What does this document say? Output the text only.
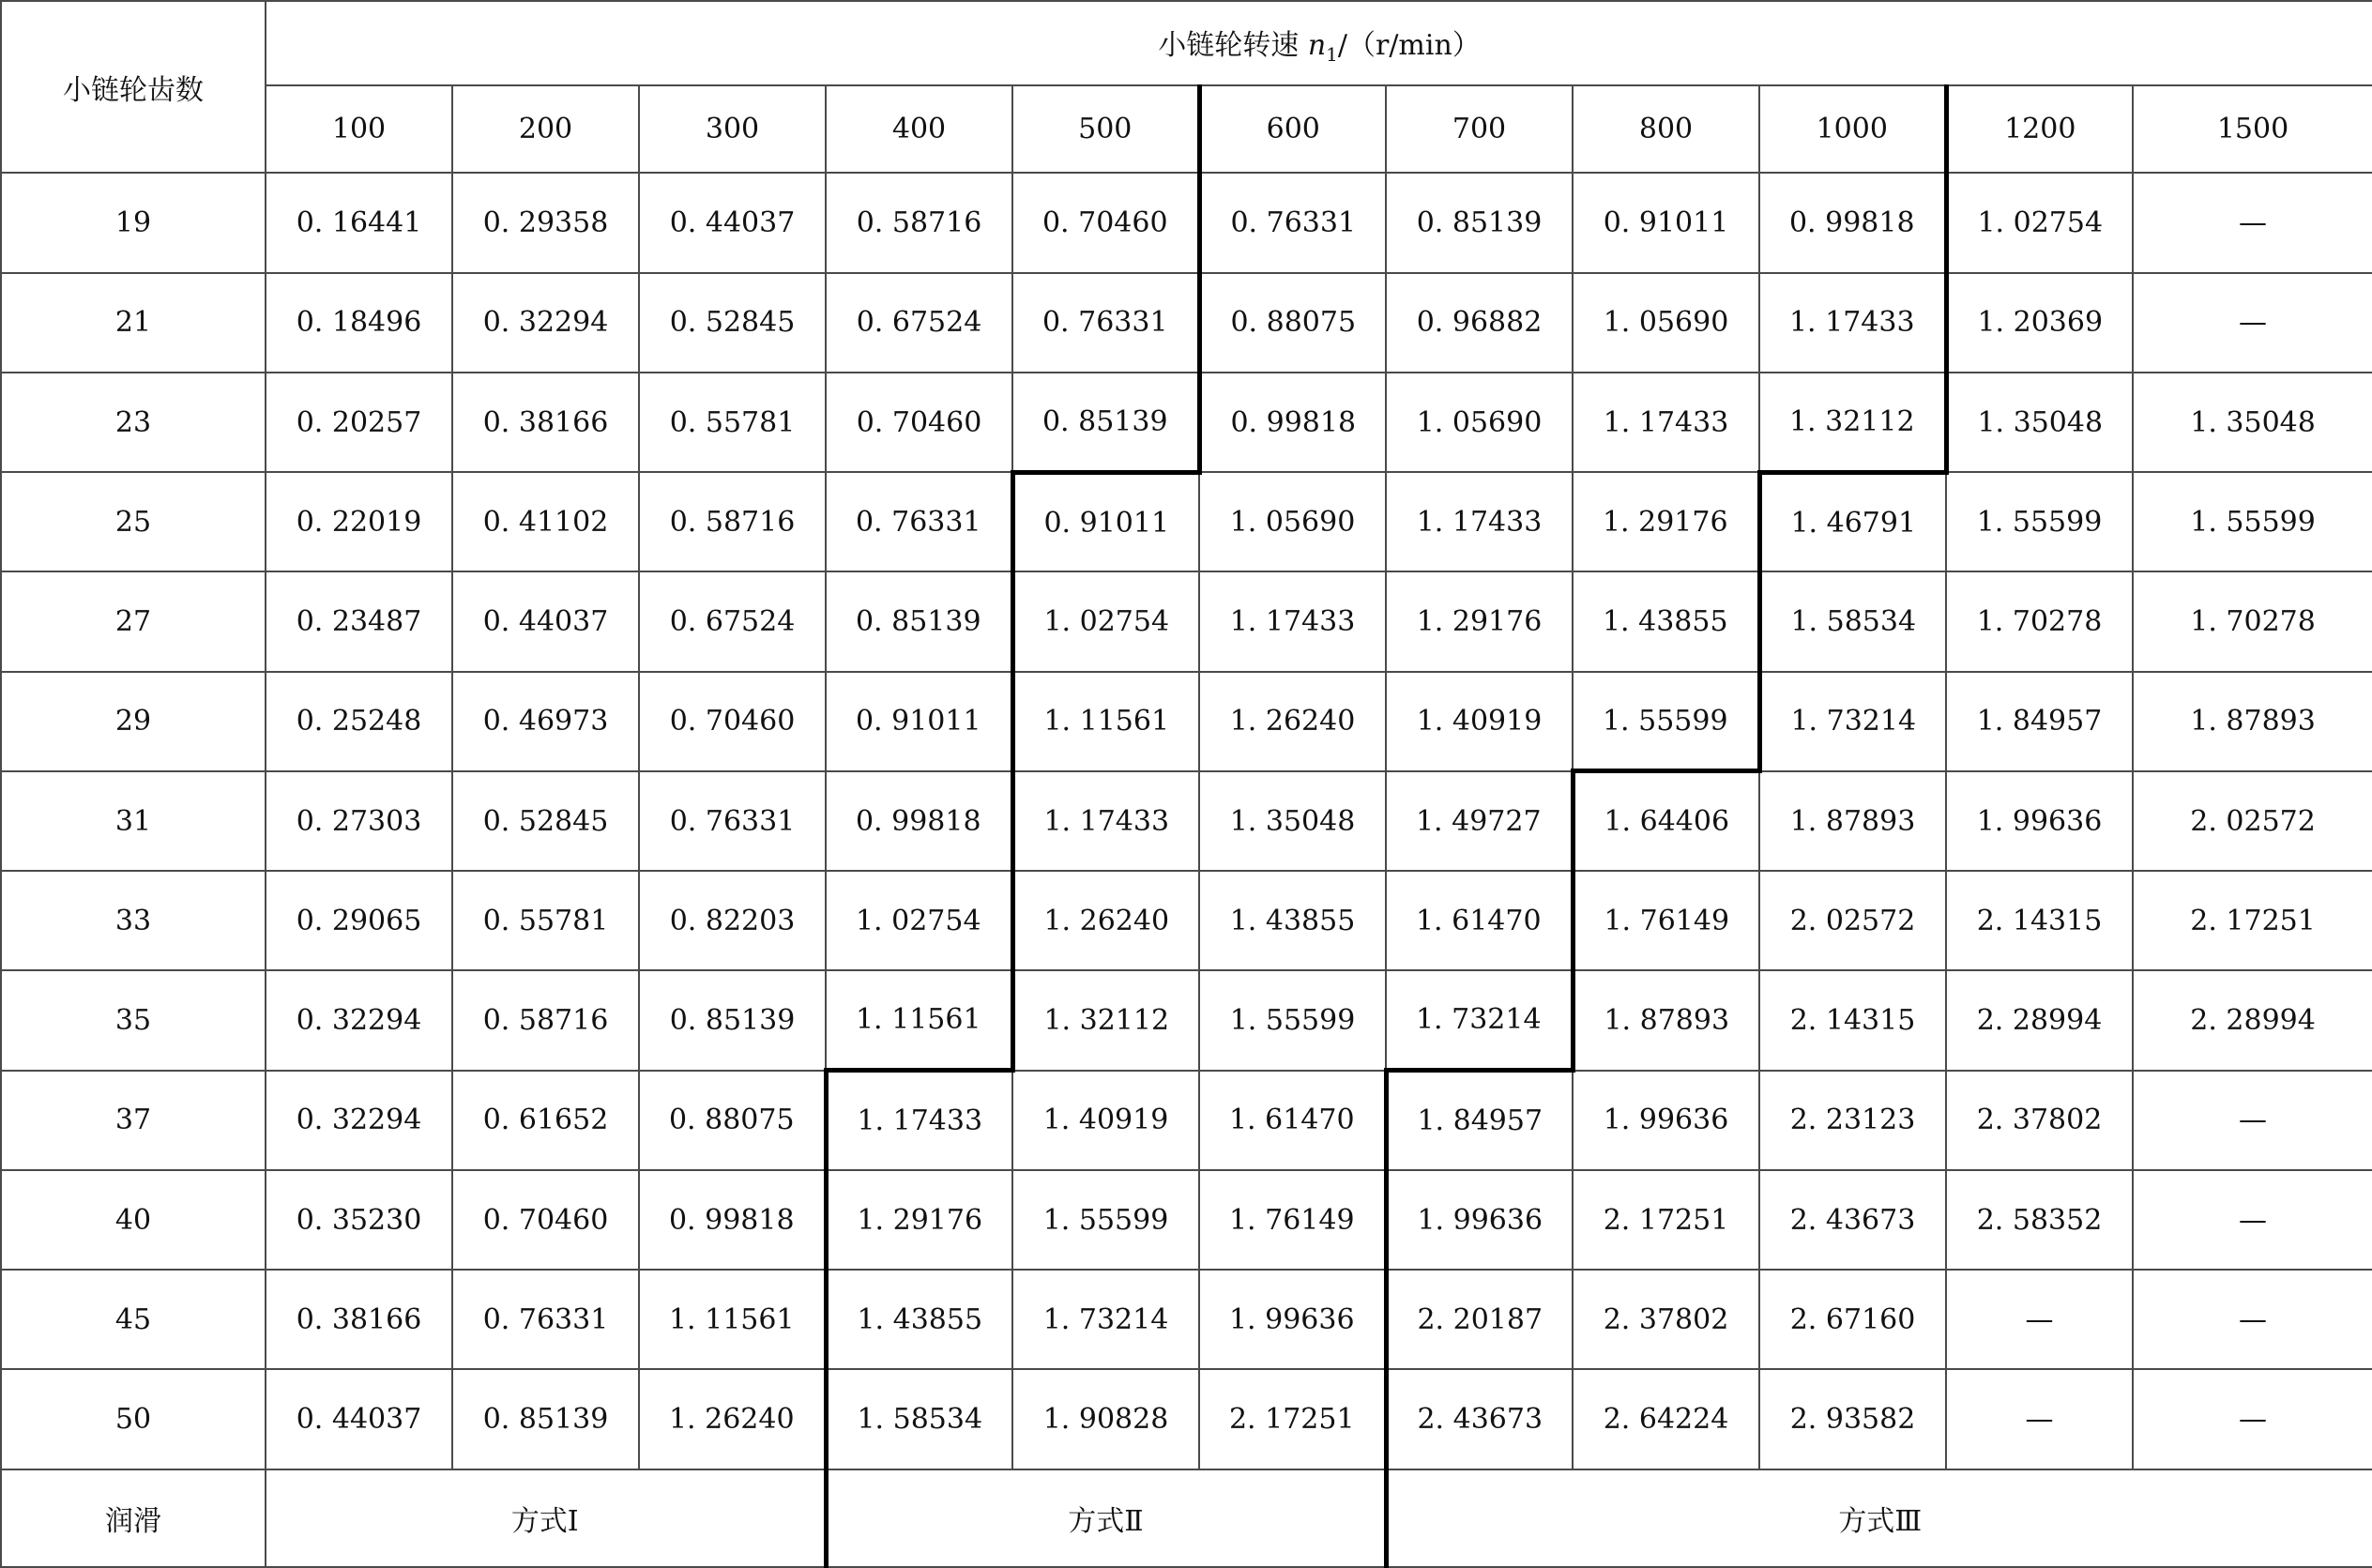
小链轮齿数	小链轮转速 $n_1/(r/\min)$										
	100	200	300	400	500	600	700	800	1000	1200	1500
19	0. 16441	0. 29358	0. 44037	0. 58716	0. 70460	0. 76331	0. 85139	0. 91011	0. 99818	1. 02754	—
21	0. 18496	0. 32294	0. 52845	0. 67524	0. 76331	0. 88075	0. 96882	1. 05690	1. 17433	1. 20369	—
23	0. 20257	0. 38166	0. 55781	0. 70460	0. 85139	0. 99818	1. 05690	1. 17433	1. 32112	1. 35048	1. 35048
25	0. 22019	0. 41102	0. 58716	0. 76331	0. 91011	1. 05690	1. 17433	1. 29176	1. 46791	1. 55599	1. 55599
27	0. 23487	0. 44037	0. 67524	0. 85139	1. 02754	1. 17433	1. 29176	1. 43855	1. 58534	1. 70278	1. 70278
29	0. 25248	0. 46973	0. 70460	0. 91011	1. 11561	1. 26240	1. 40919	1. 55599	1. 73214	1. 84957	1. 87893
31	0. 27303	0. 52845	0. 76331	0. 99818	1. 17433	1. 35048	1. 49727	1. 64406	1. 87893	1. 99636	2. 02572
33	0. 29065	0. 55781	0. 82203	1. 02754	1. 26240	1. 43855	1. 61470	1. 76149	2. 02572	2. 14315	2. 17251
35	0. 32294	0. 58716	0. 85139	1. 11561	1. 32112	1. 55599	1. 73214	1. 87893	2. 14315	2. 28994	2. 28994
37	0. 32294	0. 61652	0. 88075	1. 17433	1. 40919	1. 61470	1. 84957	1. 99636	2. 23123	2. 37802	—
40	0. 35230	0. 70460	0. 99818	1. 29176	1. 55599	1. 76149	1. 99636	2. 17251	2. 43673	2. 58352	—
45	0. 38166	0. 76331	1. 11561	1. 43855	1. 73214	1. 99636	2. 20187	2. 37802	2. 67160	—	—
50	0. 44037	0. 85139	1. 26240	1. 58534	1. 90828	2. 17251	2. 43673	2. 64224	2. 93582	—	—
润滑	方式Ⅰ			方式Ⅱ			方式Ⅲ				
